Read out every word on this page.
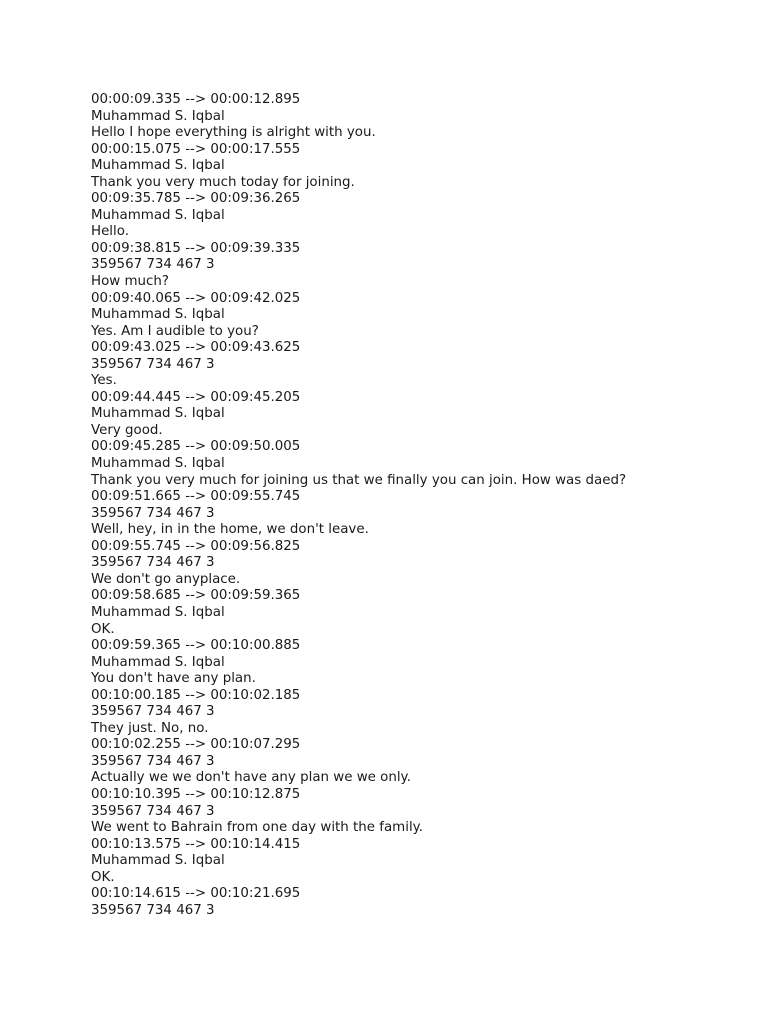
00:00:09.335 --> 00:00:12.895
Muhammad S. Iqbal
Hello I hope everything is alright with you.
00:00:15.075 --> 00:00:17.555
Muhammad S. Iqbal
Thank you very much today for joining.
00:09:35.785 --> 00:09:36.265
Muhammad S. Iqbal
Hello.
00:09:38.815 --> 00:09:39.335
359567 734 467 3
How much?
00:09:40.065 --> 00:09:42.025
Muhammad S. Iqbal
Yes. Am I audible to you?
00:09:43.025 --> 00:09:43.625
359567 734 467 3
Yes.
00:09:44.445 --> 00:09:45.205
Muhammad S. Iqbal
Very good.
00:09:45.285 --> 00:09:50.005
Muhammad S. Iqbal
Thank you very much for joining us that we finally you can join. How was daed?
00:09:51.665 --> 00:09:55.745
359567 734 467 3
Well, hey, in in the home, we don't leave.
00:09:55.745 --> 00:09:56.825
359567 734 467 3
We don't go anyplace.
00:09:58.685 --> 00:09:59.365
Muhammad S. Iqbal
OK.
00:09:59.365 --> 00:10:00.885
Muhammad S. Iqbal
You don't have any plan.
00:10:00.185 --> 00:10:02.185
359567 734 467 3
They just. No, no.
00:10:02.255 --> 00:10:07.295
359567 734 467 3
Actually we we don't have any plan we we only.
00:10:10.395 --> 00:10:12.875
359567 734 467 3
We went to Bahrain from one day with the family.
00:10:13.575 --> 00:10:14.415
Muhammad S. Iqbal
OK.
00:10:14.615 --> 00:10:21.695
359567 734 467 3
